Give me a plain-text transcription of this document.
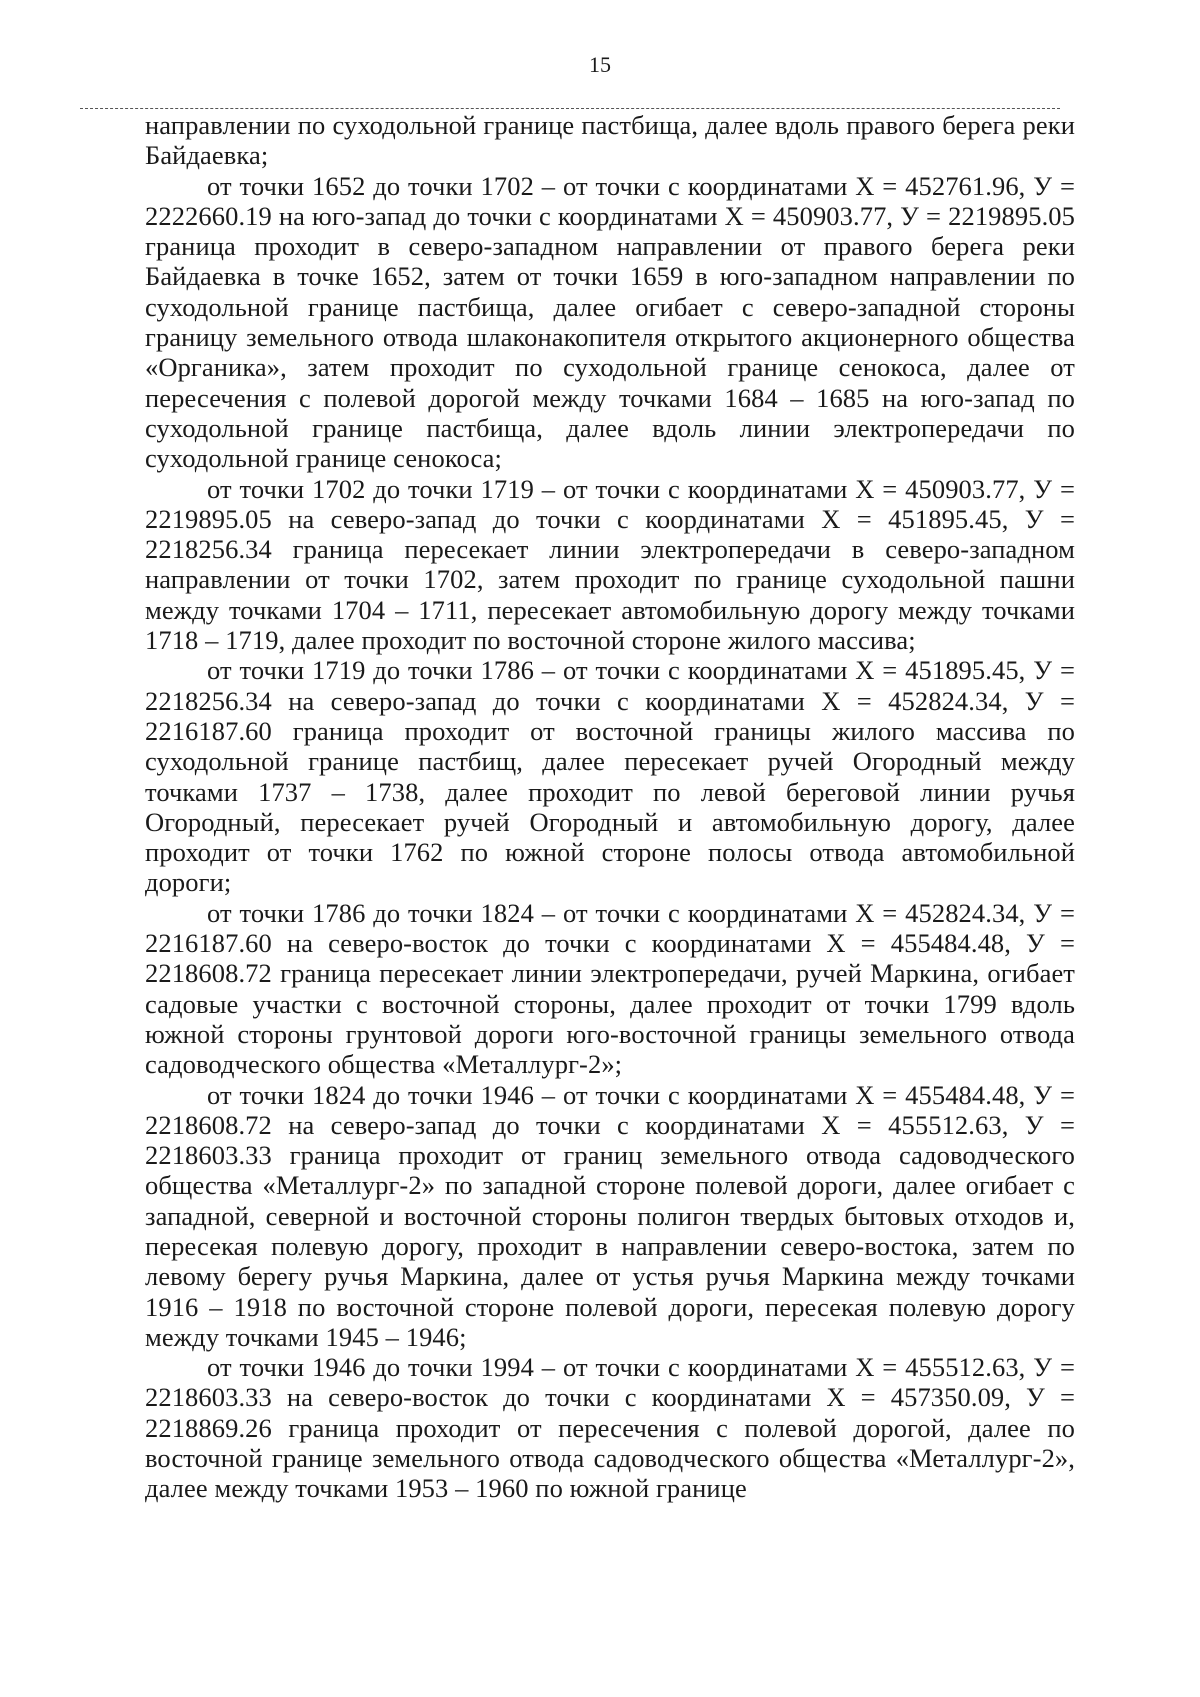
15

направлении по суходольной границе пастбища, далее вдоль правого берега реки Байдаевка;

от точки 1652 до точки 1702 – от точки с координатами Х = 452761.96, У = 2222660.19 на юго-запад до точки с координатами Х = 450903.77, У = 2219895.05 граница проходит в северо-западном направлении от правого берега реки Байдаевка в точке 1652, затем от точки 1659 в юго-западном направлении по суходольной границе пастбища, далее огибает с северо-западной стороны границу земельного отвода шлаконакопителя открытого акционерного общества «Органика», затем проходит по суходольной границе сенокоса, далее от пересечения с полевой дорогой между точками 1684 – 1685 на юго-запад по суходольной границе пастбища, далее вдоль линии электропередачи по суходольной границе сенокоса;

от точки 1702 до точки 1719 – от точки с координатами Х = 450903.77, У = 2219895.05 на северо-запад до точки с координатами Х = 451895.45, У = 2218256.34 граница пересекает линии электропередачи в северо-западном направлении от точки 1702, затем проходит по границе суходольной пашни между точками 1704 – 1711, пересекает автомобильную дорогу между точками 1718 – 1719, далее проходит по восточной стороне жилого массива;

от точки 1719 до точки 1786 – от точки с координатами Х = 451895.45, У = 2218256.34 на северо-запад до точки с координатами Х = 452824.34, У = 2216187.60 граница проходит от восточной границы жилого массива по суходольной границе пастбищ, далее пересекает ручей Огородный между точками 1737 – 1738, далее проходит по левой береговой линии ручья Огородный, пересекает ручей Огородный и автомобильную дорогу, далее проходит от точки 1762 по южной стороне полосы отвода автомобильной дороги;

от точки 1786 до точки 1824 – от точки с координатами Х = 452824.34, У = 2216187.60 на северо-восток до точки с координатами Х = 455484.48, У = 2218608.72 граница пересекает линии электропередачи, ручей Маркина, огибает садовые участки с восточной стороны, далее проходит от точки 1799 вдоль южной стороны грунтовой дороги юго-восточной границы земельного отвода садоводческого общества «Металлург-2»;

от точки 1824 до точки 1946 – от точки с координатами Х = 455484.48, У = 2218608.72 на северо-запад до точки с координатами Х = 455512.63, У = 2218603.33 граница проходит от границ земельного отвода садоводческого общества «Металлург-2» по западной стороне полевой дороги, далее огибает с западной, северной и восточной стороны полигон твердых бытовых отходов и, пересекая полевую дорогу, проходит в направлении северо-востока, затем по левому берегу ручья Маркина, далее от устья ручья Маркина между точками 1916 – 1918 по восточной стороне полевой дороги, пересекая полевую дорогу между точками 1945 – 1946;

от точки 1946 до точки 1994 – от точки с координатами Х = 455512.63, У = 2218603.33 на северо-восток до точки с координатами Х = 457350.09, У = 2218869.26 граница проходит от пересечения с полевой дорогой, далее по восточной границе земельного отвода садоводческого общества «Металлург-2», далее между точками 1953 – 1960 по южной границе
